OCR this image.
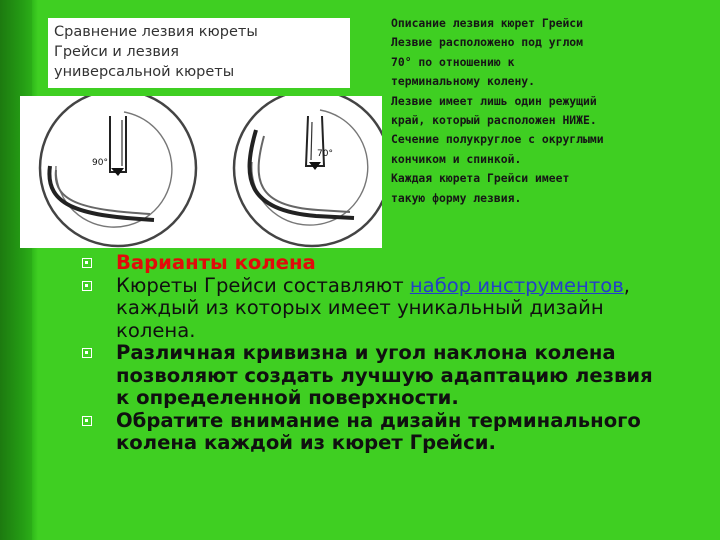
Сравнение лезвия кюреты
Грейси и лезвия
универсальной кюреты
90°
70°
Описание лезвия кюрет Грейси
Лезвие расположено под углом
70° по отношению к
терминальному колену.
Лезвие имеет лишь один режущий
край, который расположен НИЖЕ.
Сечение полукруглое с округлыми
кончиком и спинкой.
Каждая кюрета Грейси имеет
такую форму лезвия.
Варианты колена
Кюреты Грейси составляют набор инструментов,
каждый из которых имеет уникальный дизайн
колена.
Различная кривизна и угол наклона колена
позволяют создать лучшую адаптацию лезвия
к определенной поверхности.
Обратите внимание на дизайн терминального
колена каждой из кюрет Грейси.
